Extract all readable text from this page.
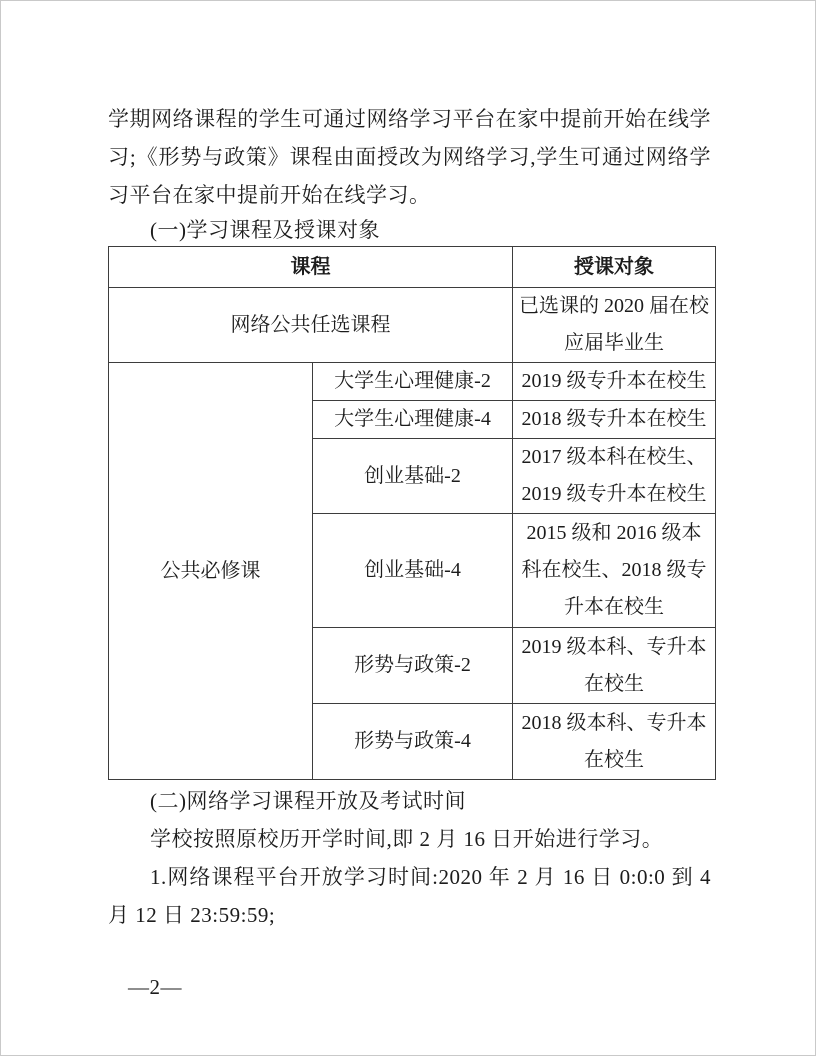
学期网络课程的学生可通过网络学习平台在家中提前开始在线学习;《形势与政策》课程由面授改为网络学习,学生可通过网络学习平台在家中提前开始在线学习。

(一)学习课程及授课对象
课程		授课对象
网络公共任选课程		已选课的 2020 届在校应届毕业生
公共必修课	大学生心理健康-2	2019 级专升本在校生
	大学生心理健康-4	2018 级专升本在校生
	创业基础-2	2017 级本科在校生、2019 级专升本在校生
	创业基础-4	2015 级和 2016 级本科在校生、2018 级专升本在校生
	形势与政策-2	2019 级本科、专升本在校生
	形势与政策-4	2018 级本科、专升本在校生
(二)网络学习课程开放及考试时间

学校按照原校历开学时间,即 2 月 16 日开始进行学习。

1.网络课程平台开放学习时间:2020 年 2 月 16 日 0:0:0 到 4 月 12 日 23:59:59;

—2—
